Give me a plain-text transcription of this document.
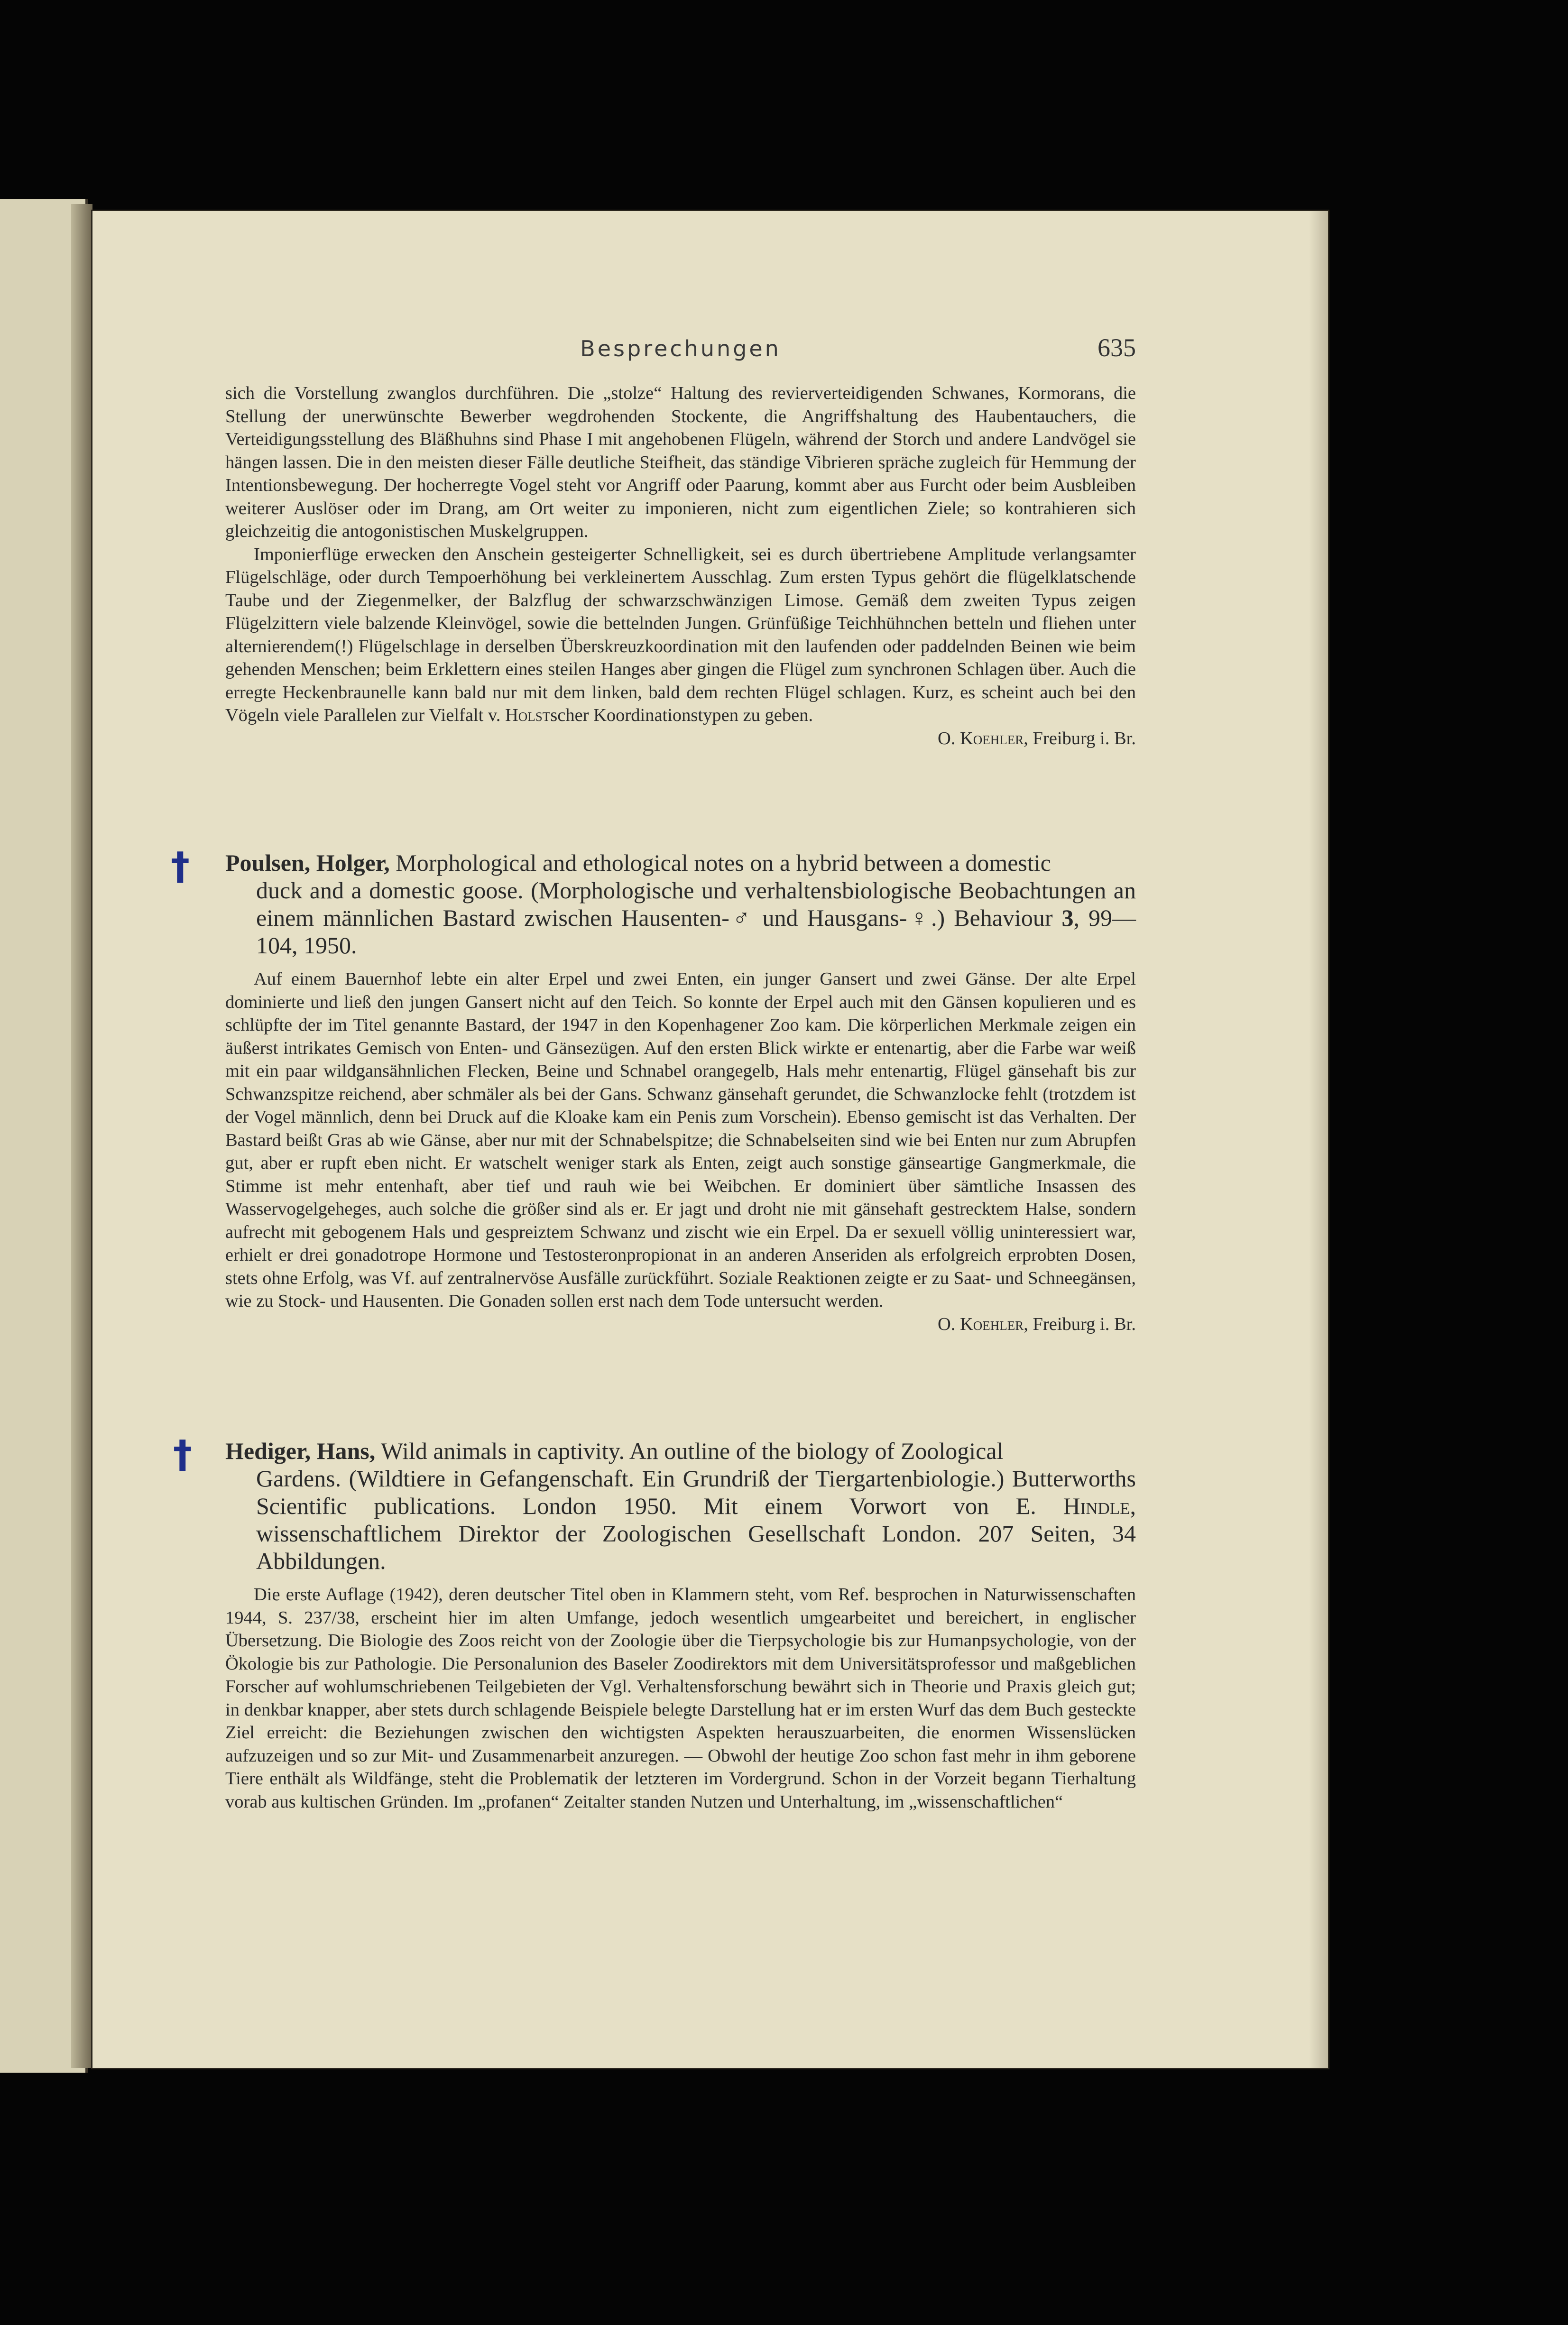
Besprechungen	635

sich die Vorstellung zwanglos durchführen. Die „stolze“ Haltung des revierverteidigenden Schwanes, Kormorans, die Stellung der unerwünschte Bewerber wegdrohenden Stockente, die Angriffshaltung des Haubentauchers, die Verteidigungsstellung des Bläßhuhns sind Phase I mit angehobenen Flügeln, während der Storch und andere Landvögel sie hängen lassen. Die in den meisten dieser Fälle deutliche Steifheit, das ständige Vibrieren spräche zugleich für Hemmung der Intentionsbewegung. Der hocherregte Vogel steht vor Angriff oder Paarung, kommt aber aus Furcht oder beim Ausbleiben weiterer Auslöser oder im Drang, am Ort weiter zu imponieren, nicht zum eigentlichen Ziele; so kontrahieren sich gleichzeitig die antogonistischen Muskelgruppen.

Imponierflüge erwecken den Anschein gesteigerter Schnelligkeit, sei es durch übertriebene Amplitude verlangsamter Flügelschläge, oder durch Tempoerhöhung bei verkleinertem Ausschlag. Zum ersten Typus gehört die flügelklatschende Taube und der Ziegenmelker, der Balzflug der schwarzschwänzigen Limose. Gemäß dem zweiten Typus zeigen Flügelzittern viele balzende Kleinvögel, sowie die bettelnden Jungen. Grünfüßige Teichhühnchen betteln und fliehen unter alternierendem(!) Flügelschlage in derselben Überskreuzkoordination mit den laufenden oder paddelnden Beinen wie beim gehenden Menschen; beim Erklettern eines steilen Hanges aber gingen die Flügel zum synchronen Schlagen über. Auch die erregte Heckenbraunelle kann bald nur mit dem linken, bald dem rechten Flügel schlagen. Kurz, es scheint auch bei den Vögeln viele Parallelen zur Vielfalt v. Holstscher Koordinationstypen zu geben.

O. Koehler, Freiburg i. Br.
† Poulsen, Holger, Morphological and ethological notes on a hybrid between a domestic
duck and a domestic goose. (Morphologische und verhaltensbiologische Beobachtungen an einem männlichen Bastard zwischen Hausenten-♂ und Hausgans-♀.) Behaviour 3, 99—104, 1950.

Auf einem Bauernhof lebte ein alter Erpel und zwei Enten, ein junger Gansert und zwei Gänse. Der alte Erpel dominierte und ließ den jungen Gansert nicht auf den Teich. So konnte der Erpel auch mit den Gänsen kopulieren und es schlüpfte der im Titel genannte Bastard, der 1947 in den Kopenhagener Zoo kam. Die körperlichen Merkmale zeigen ein äußerst intrikates Gemisch von Enten- und Gänsezügen. Auf den ersten Blick wirkte er entenartig, aber die Farbe war weiß mit ein paar wildgansähnlichen Flecken, Beine und Schnabel orangegelb, Hals mehr entenartig, Flügel gänsehaft bis zur Schwanzspitze reichend, aber schmäler als bei der Gans. Schwanz gänsehaft gerundet, die Schwanzlocke fehlt (trotzdem ist der Vogel männlich, denn bei Druck auf die Kloake kam ein Penis zum Vorschein). Ebenso gemischt ist das Verhalten. Der Bastard beißt Gras ab wie Gänse, aber nur mit der Schnabelspitze; die Schnabelseiten sind wie bei Enten nur zum Abrupfen gut, aber er rupft eben nicht. Er watschelt weniger stark als Enten, zeigt auch sonstige gänseartige Gangmerkmale, die Stimme ist mehr entenhaft, aber tief und rauh wie bei Weibchen. Er dominiert über sämtliche Insassen des Wasservogelgeheges, auch solche die größer sind als er. Er jagt und droht nie mit gänsehaft gestrecktem Halse, sondern aufrecht mit gebogenem Hals und gespreiztem Schwanz und zischt wie ein Erpel. Da er sexuell völlig uninteressiert war, erhielt er drei gonadotrope Hormone und Testosteronpropionat in an anderen Anseriden als erfolgreich erprobten Dosen, stets ohne Erfolg, was Vf. auf zentralnervöse Ausfälle zurückführt. Soziale Reaktionen zeigte er zu Saat- und Schneegänsen, wie zu Stock- und Hausenten. Die Gonaden sollen erst nach dem Tode untersucht werden.

O. Koehler, Freiburg i. Br.
† Hediger, Hans, Wild animals in captivity. An outline of the biology of Zoological
Gardens. (Wildtiere in Gefangenschaft. Ein Grundriß der Tiergartenbiologie.) Butterworths Scientific publications. London 1950. Mit einem Vorwort von E. Hindle, wissenschaftlichem Direktor der Zoologischen Gesellschaft London. 207 Seiten, 34 Abbildungen.

Die erste Auflage (1942), deren deutscher Titel oben in Klammern steht, vom Ref. besprochen in Naturwissenschaften 1944, S. 237/38, erscheint hier im alten Umfange, jedoch wesentlich umgearbeitet und bereichert, in englischer Übersetzung. Die Biologie des Zoos reicht von der Zoologie über die Tierpsychologie bis zur Humanpsychologie, von der Ökologie bis zur Pathologie. Die Personalunion des Baseler Zoodirektors mit dem Universitätsprofessor und maßgeblichen Forscher auf wohlumschriebenen Teilgebieten der Vgl. Verhaltensforschung bewährt sich in Theorie und Praxis gleich gut; in denkbar knapper, aber stets durch schlagende Beispiele belegte Darstellung hat er im ersten Wurf das dem Buch gesteckte Ziel erreicht: die Beziehungen zwischen den wichtigsten Aspekten herauszuarbeiten, die enormen Wissenslücken aufzuzeigen und so zur Mit- und Zusammenarbeit anzuregen. — Obwohl der heutige Zoo schon fast mehr in ihm geborene Tiere enthält als Wildfänge, steht die Problematik der letzteren im Vordergrund. Schon in der Vorzeit begann Tierhaltung vorab aus kultischen Gründen. Im „profanen“ Zeitalter standen Nutzen und Unterhaltung, im „wissenschaftlichen“
